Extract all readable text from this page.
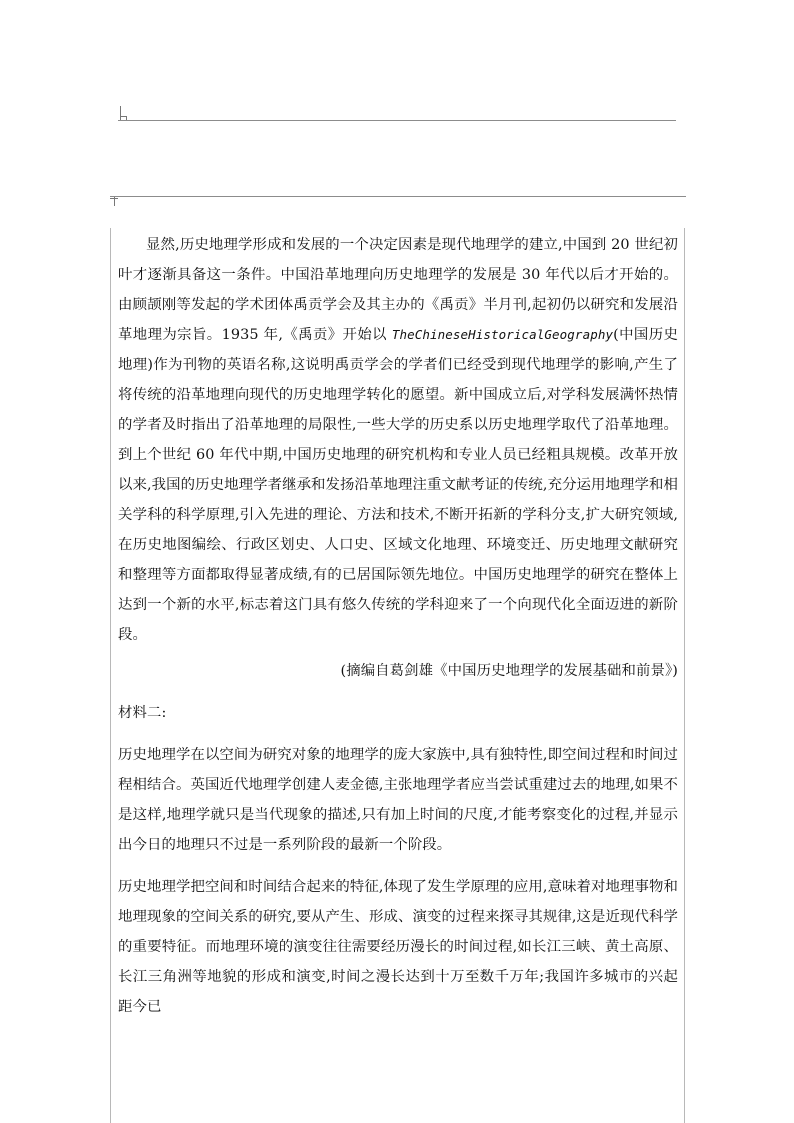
显然,历史地理学形成和发展的一个决定因素是现代地理学的建立,中国到 20 世纪初叶才逐渐具备这一条件。中国沿革地理向历史地理学的发展是 30 年代以后才开始的。由顾颉刚等发起的学术团体禹贡学会及其主办的《禹贡》半月刊,起初仍以研究和发展沿革地理为宗旨。1935 年,《禹贡》开始以 TheChineseHistoricalGeography(中国历史地理)作为刊物的英语名称,这说明禹贡学会的学者们已经受到现代地理学的影响,产生了将传统的沿革地理向现代的历史地理学转化的愿望。新中国成立后,对学科发展满怀热情的学者及时指出了沿革地理的局限性,一些大学的历史系以历史地理学取代了沿革地理。到上个世纪 60 年代中期,中国历史地理的研究机构和专业人员已经粗具规模。改革开放以来,我国的历史地理学者继承和发扬沿革地理注重文献考证的传统,充分运用地理学和相关学科的科学原理,引入先进的理论、方法和技术,不断开拓新的学科分支,扩大研究领域,在历史地图编绘、行政区划史、人口史、区域文化地理、环境变迁、历史地理文献研究和整理等方面都取得显著成绩,有的已居国际领先地位。中国历史地理学的研究在整体上达到一个新的水平,标志着这门具有悠久传统的学科迎来了一个向现代化全面迈进的新阶段。

(摘编自葛剑雄《中国历史地理学的发展基础和前景》)

材料二:

历史地理学在以空间为研究对象的地理学的庞大家族中,具有独特性,即空间过程和时间过程相结合。英国近代地理学创建人麦金德,主张地理学者应当尝试重建过去的地理,如果不是这样,地理学就只是当代现象的描述,只有加上时间的尺度,才能考察变化的过程,并显示出今日的地理只不过是一系列阶段的最新一个阶段。

历史地理学把空间和时间结合起来的特征,体现了发生学原理的应用,意味着对地理事物和地理现象的空间关系的研究,要从产生、形成、演变的过程来探寻其规律,这是近现代科学的重要特征。而地理环境的演变往往需要经历漫长的时间过程,如长江三峡、黄土高原、长江三角洲等地貌的形成和演变,时间之漫长达到十万至数千万年;我国许多城市的兴起距今已
